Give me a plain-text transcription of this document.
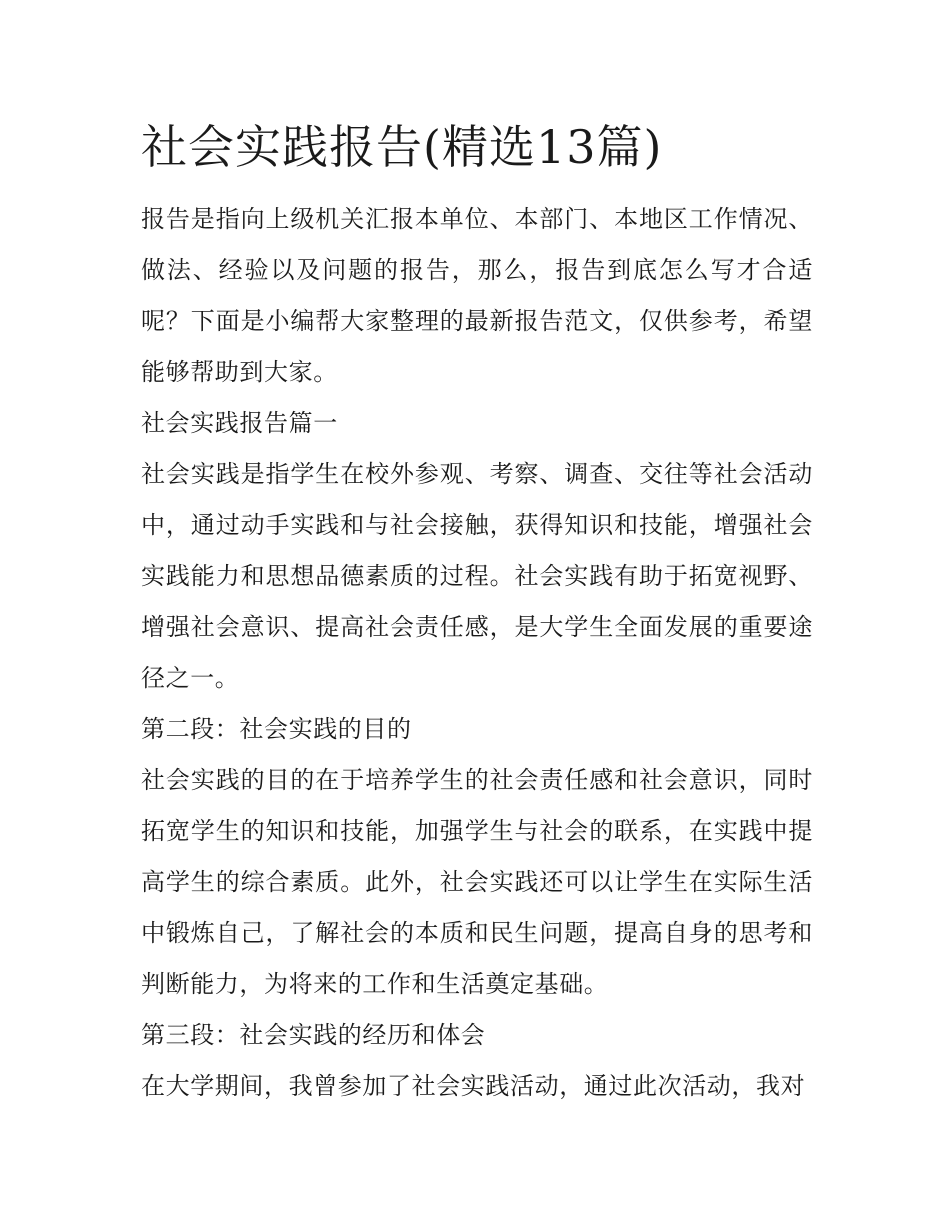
社会实践报告(精选13篇)

报告是指向上级机关汇报本单位、本部门、本地区工作情况、做法、经验以及问题的报告，那么，报告到底怎么写才合适呢？下面是小编帮大家整理的最新报告范文，仅供参考，希望能够帮助到大家。

社会实践报告篇一

社会实践是指学生在校外参观、考察、调查、交往等社会活动中，通过动手实践和与社会接触，获得知识和技能，增强社会实践能力和思想品德素质的过程。社会实践有助于拓宽视野、增强社会意识、提高社会责任感，是大学生全面发展的重要途径之一。

第二段：社会实践的目的

社会实践的目的在于培养学生的社会责任感和社会意识，同时拓宽学生的知识和技能，加强学生与社会的联系，在实践中提高学生的综合素质。此外，社会实践还可以让学生在实际生活中锻炼自己，了解社会的本质和民生问题，提高自身的思考和判断能力，为将来的工作和生活奠定基础。

第三段：社会实践的经历和体会

在大学期间，我曾参加了社会实践活动，通过此次活动，我对
